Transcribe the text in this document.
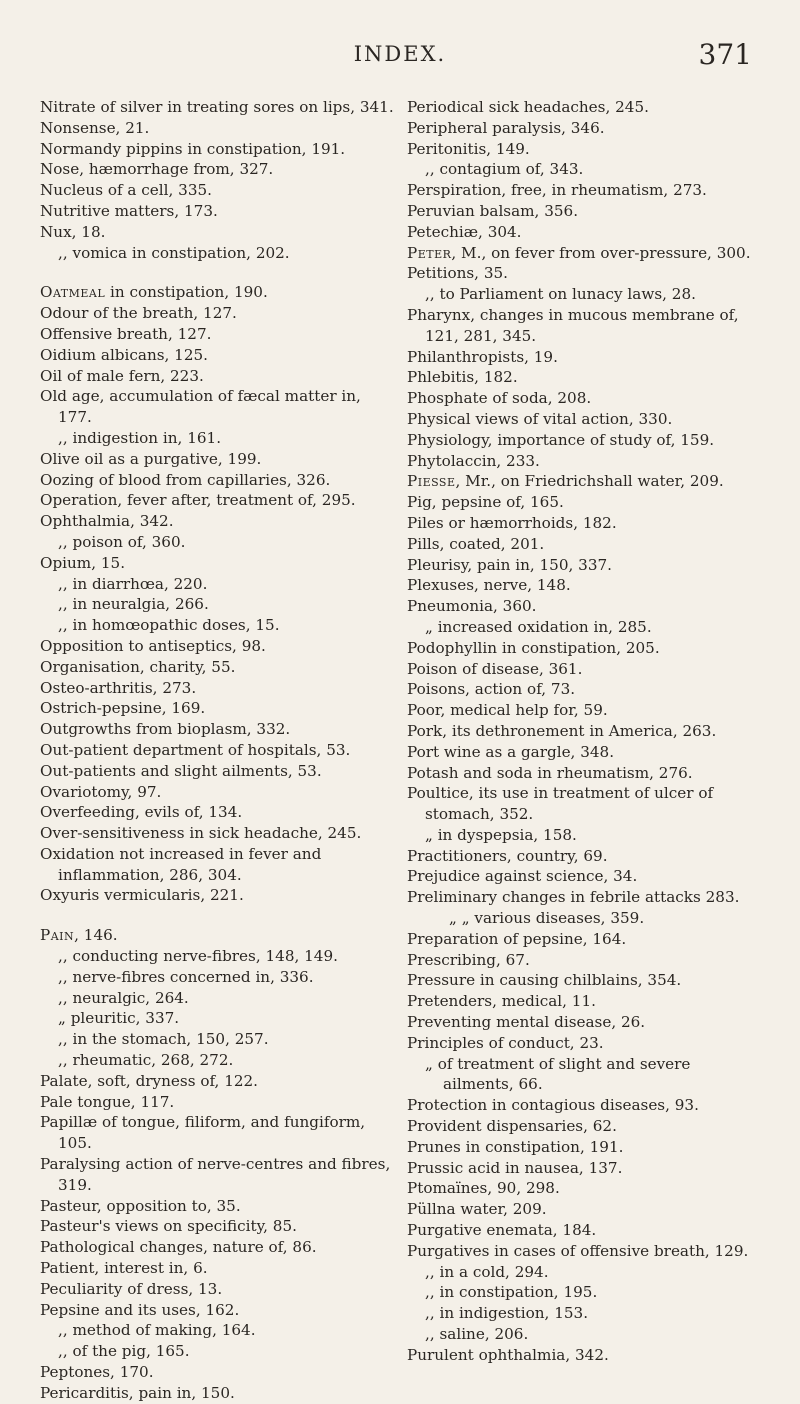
INDEX.	371
Nitrate of silver in treating sores on lips, 341.
Nonsense, 21.
Normandy pippins in constipation, 191.
Nose, hæmorrhage from, 327.
Nucleus of a cell, 335.
Nutritive matters, 173.
Nux, 18.
,, vomica in constipation, 202.
Oatmeal in constipation, 190.
Odour of the breath, 127.
Offensive breath, 127.
Oidium albicans, 125.
Oil of male fern, 223.
Old age, accumulation of fæcal matter in, 177.
,, indigestion in, 161.
Olive oil as a purgative, 199.
Oozing of blood from capillaries, 326.
Operation, fever after, treatment of, 295.
Ophthalmia, 342.
,, poison of, 360.
Opium, 15.
,, in diarrhœa, 220.
,, in neuralgia, 266.
,, in homœopathic doses, 15.
Opposition to antiseptics, 98.
Organisation, charity, 55.
Osteo-arthritis, 273.
Ostrich-pepsine, 169.
Outgrowths from bioplasm, 332.
Out-patient department of hospitals, 53.
Out-patients and slight ailments, 53.
Ovariotomy, 97.
Overfeeding, evils of, 134.
Over-sensitiveness in sick headache, 245.
Oxidation not increased in fever and inflammation, 286, 304.
Oxyuris vermicularis, 221.
Pain, 146.
,, conducting nerve-fibres, 148, 149.
,, nerve-fibres concerned in, 336.
,, neuralgic, 264.
„ pleuritic, 337.
,, in the stomach, 150, 257.
,, rheumatic, 268, 272.
Palate, soft, dryness of, 122.
Pale tongue, 117.
Papillæ of tongue, filiform, and fungiform, 105.
Paralysing action of nerve-centres and fibres, 319.
Pasteur, opposition to, 35.
Pasteur's views on specificity, 85.
Pathological changes, nature of, 86.
Patient, interest in, 6.
Peculiarity of dress, 13.
Pepsine and its uses, 162.
,, method of making, 164.
,, of the pig, 165.
Peptones, 170.
Pericarditis, pain in, 150.
Periodical sick headaches, 245.
Peripheral paralysis, 346.
Peritonitis, 149.
,, contagium of, 343.
Perspiration, free, in rheumatism, 273.
Peruvian balsam, 356.
Petechiæ, 304.
Peter, M., on fever from over-pressure, 300.
Petitions, 35.
,, to Parliament on lunacy laws, 28.
Pharynx, changes in mucous membrane of, 121, 281, 345.
Philanthropists, 19.
Phlebitis, 182.
Phosphate of soda, 208.
Physical views of vital action, 330.
Physiology, importance of study of, 159.
Phytolaccin, 233.
Piesse, Mr., on Friedrichshall water, 209.
Pig, pepsine of, 165.
Piles or hæmorrhoids, 182.
Pills, coated, 201.
Pleurisy, pain in, 150, 337.
Plexuses, nerve, 148.
Pneumonia, 360.
„ increased oxidation in, 285.
Podophyllin in constipation, 205.
Poison of disease, 361.
Poisons, action of, 73.
Poor, medical help for, 59.
Pork, its dethronement in America, 263.
Port wine as a gargle, 348.
Potash and soda in rheumatism, 276.
Poultice, its use in treatment of ulcer of stomach, 352.
„ in dyspepsia, 158.
Practitioners, country, 69.
Prejudice against science, 34.
Preliminary changes in febrile attacks 283.
„ „ various diseases, 359.
Preparation of pepsine, 164.
Prescribing, 67.
Pressure in causing chilblains, 354.
Pretenders, medical, 11.
Preventing mental disease, 26.
Principles of conduct, 23.
„ of treatment of slight and severe ailments, 66.
Protection in contagious diseases, 93.
Provident dispensaries, 62.
Prunes in constipation, 191.
Prussic acid in nausea, 137.
Ptomaïnes, 90, 298.
Püllna water, 209.
Purgative enemata, 184.
Purgatives in cases of offensive breath, 129.
,, in a cold, 294.
,, in constipation, 195.
,, in indigestion, 153.
,, saline, 206.
Purulent ophthalmia, 342.
